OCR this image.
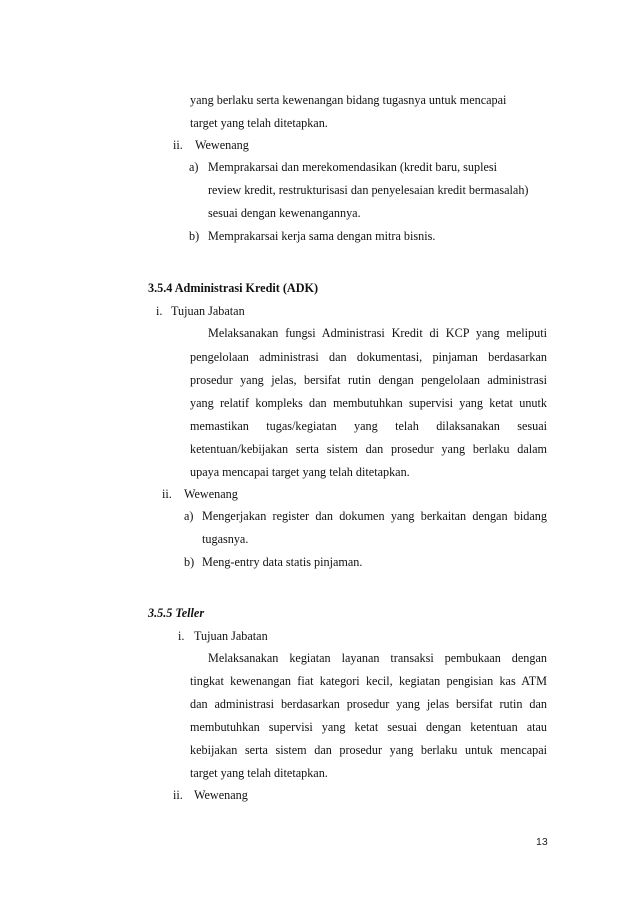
yang berlaku serta kewenangan bidang tugasnya untuk mencapai
target yang telah ditetapkan.
ii. Wewenang
a) Memprakarsai dan merekomendasikan (kredit baru, suplesi
review kredit, restrukturisasi dan penyelesaian kredit bermasalah)
sesuai dengan kewenangannya.
b) Memprakarsai kerja sama dengan mitra bisnis.
3.5.4 Administrasi Kredit (ADK)
i. Tujuan Jabatan
Melaksanakan fungsi Administrasi Kredit di KCP yang meliputi
pengelolaan administrasi dan dokumentasi, pinjaman berdasarkan
prosedur yang jelas, bersifat rutin dengan pengelolaan administrasi
yang relatif kompleks dan membutuhkan supervisi yang ketat unutk
memastikan tugas/kegiatan yang telah dilaksanakan sesuai
ketentuan/kebijakan serta sistem dan prosedur yang berlaku dalam
upaya mencapai target yang telah ditetapkan.
ii. Wewenang
a) Mengerjakan register dan dokumen yang berkaitan dengan bidang
tugasnya.
b) Meng-entry data statis pinjaman.
3.5.5 Teller
i. Tujuan Jabatan
Melaksanakan kegiatan layanan transaksi pembukaan dengan
tingkat kewenangan fiat kategori kecil, kegiatan pengisian kas ATM
dan administrasi berdasarkan prosedur yang jelas bersifat rutin dan
membutuhkan supervisi yang ketat sesuai dengan ketentuan atau
kebijakan serta sistem dan prosedur yang berlaku untuk mencapai
target yang telah ditetapkan.
ii. Wewenang
13
